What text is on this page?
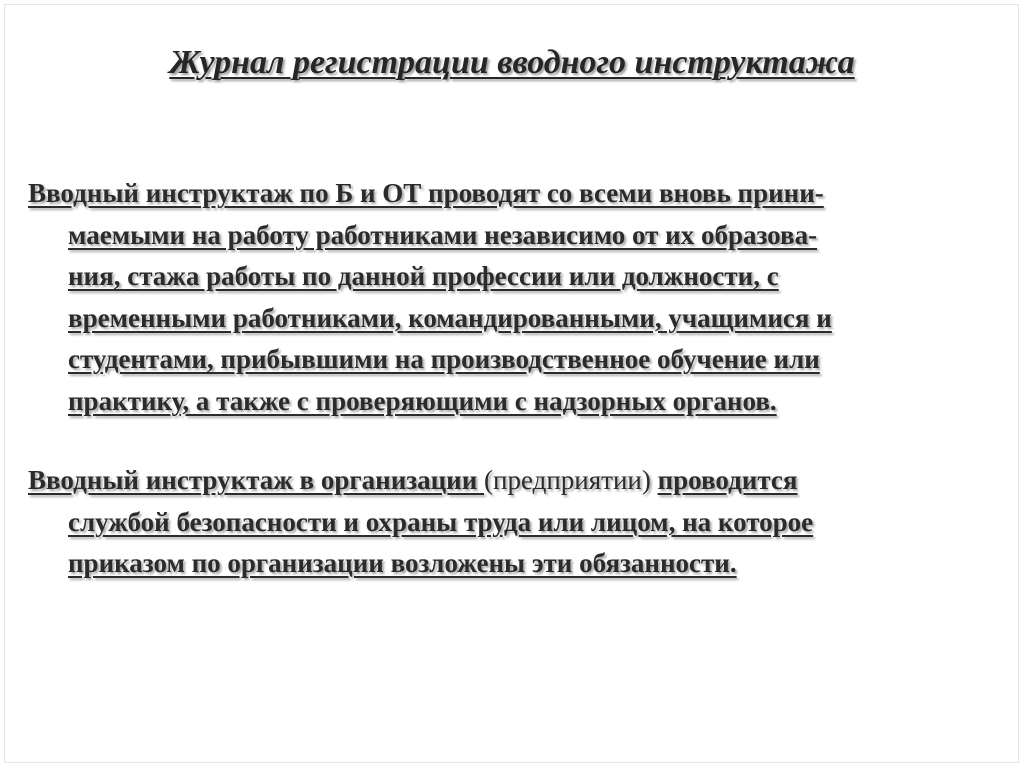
Журнал регистрации вводного инструктажа
Вводный инструктаж по Б и ОТ проводят со всеми вновь прини-
маемыми на работу работниками независимо от их образова-
ния, стажа работы по данной профессии или должности, с
временными работниками, командированными, учащимися и
студентами, прибывшими на производственное обучение или
практику, а также с проверяющими с надзорных органов.
Вводный инструктаж в организации (предприятии) проводится
службой безопасности и охраны труда или лицом, на которое
приказом по организации возложены эти обязанности.
